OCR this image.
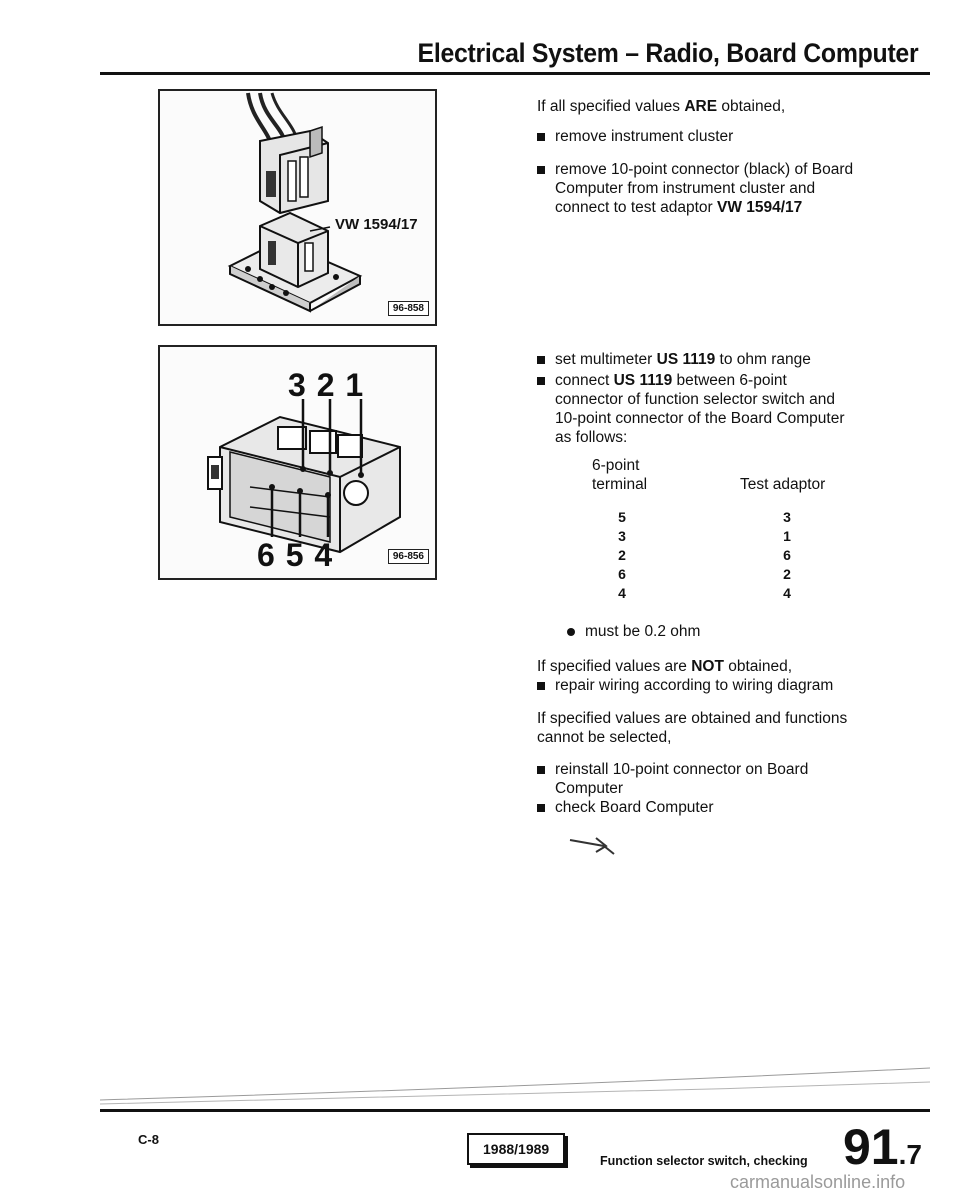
Electrical System – Radio, Board Computer
VW 1594/17
96-858
3 2 1
6 5 4	96-856
If all specified values ARE obtained,
remove instrument cluster
remove 10-point connector (black) of Board
Computer from instrument cluster and
connect to test adaptor VW 1594/17
set multimeter US 1119 to ohm range
connect US 1119 between 6-point
connector of function selector switch and
10-point connector of the Board Computer
as follows:
6-point
terminal	Test adaptor
5
3
2
6
4
3
1
6
2
4
must be 0.2 ohm
If specified values are NOT obtained,
repair wiring according to wiring diagram
If specified values are obtained and functions
cannot be selected,
reinstall 10-point connector on Board
Computer
check Board Computer
C-8
1988/1989
Function selector switch, checking 91.7
carmanualsonline.info
